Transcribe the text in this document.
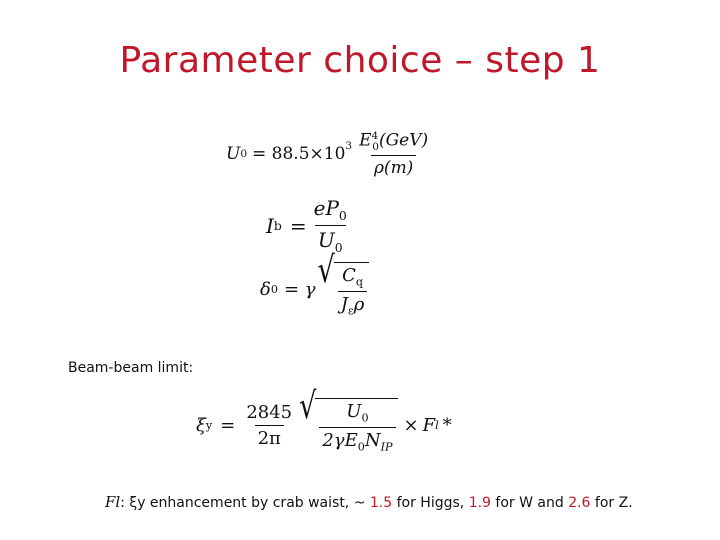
Parameter choice – step 1
U $0 = 88.5\times 10^3 \frac{E^4_0(GeV)}{\rho(m)}$
I $b = \frac{eP_0}{U_0}$
δ 0 = γ √ $\frac{C_q}{J_\varepsilon\rho}$
Beam-beam limit:
ξ $y = \frac{2845}{2\pi}$ √ $\frac{U_0}{2\gamma E_0N_{IP}} \times F$ l *
Fl: ξy enhancement by crab waist, ~ 1.5 for Higgs, 1.9 for W and 2.6 for Z.
